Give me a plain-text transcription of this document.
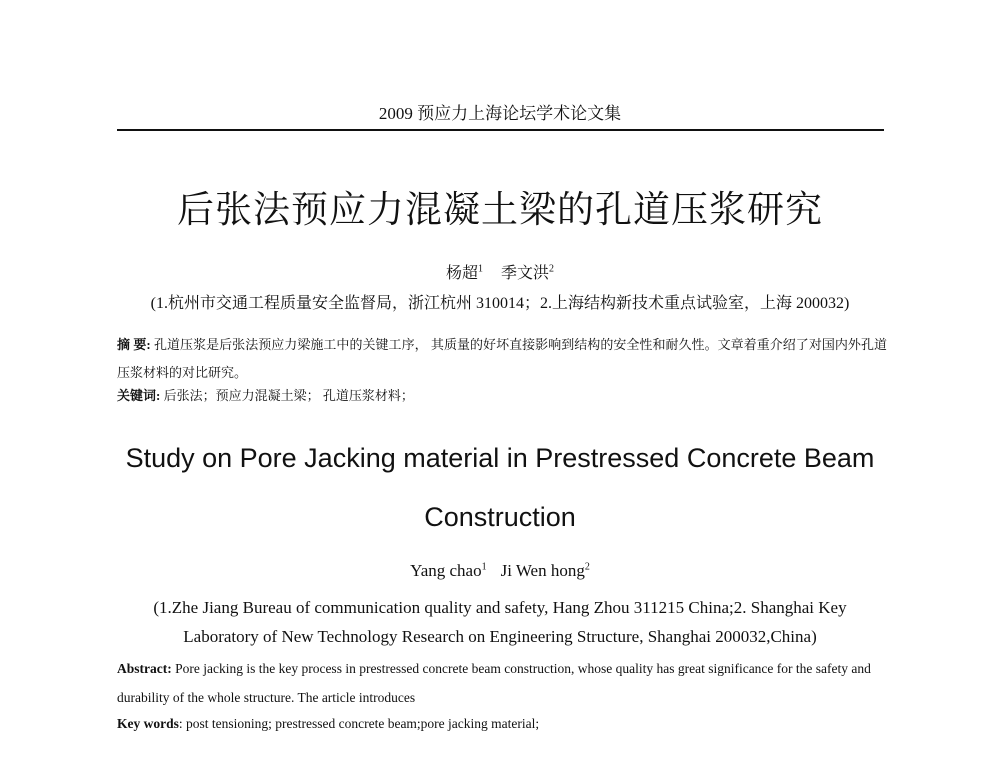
2009 预应力上海论坛学术论文集
后张法预应力混凝土梁的孔道压浆研究
杨超$^1$ 季文洪$^2$
(1.杭州市交通工程质量安全监督局，浙江杭州 310014；2.上海结构新技术重点试验室，上海 200032)
摘 要: 孔道压浆是后张法预应力梁施工中的关键工序， 其质量的好坏直接影响到结构的安全性和耐久性。文章着重介绍了对国内外孔道压浆材料的对比研究。
关键词: 后张法；预应力混凝土梁； 孔道压浆材料；
Study on Pore Jacking material in Prestressed Concrete Beam
Construction
Yang chao$^1$ Ji Wen hong$^2$
(1.Zhe Jiang Bureau of communication quality and safety, Hang Zhou 311215 China;2. Shanghai Key
Laboratory of New Technology Research on Engineering Structure, Shanghai 200032,China)
Abstract: Pore jacking is the key process in prestressed concrete beam construction, whose quality has great significance for the safety and durability of the whole structure. The article introduces
Key words: post tensioning; prestressed concrete beam;pore jacking material;
